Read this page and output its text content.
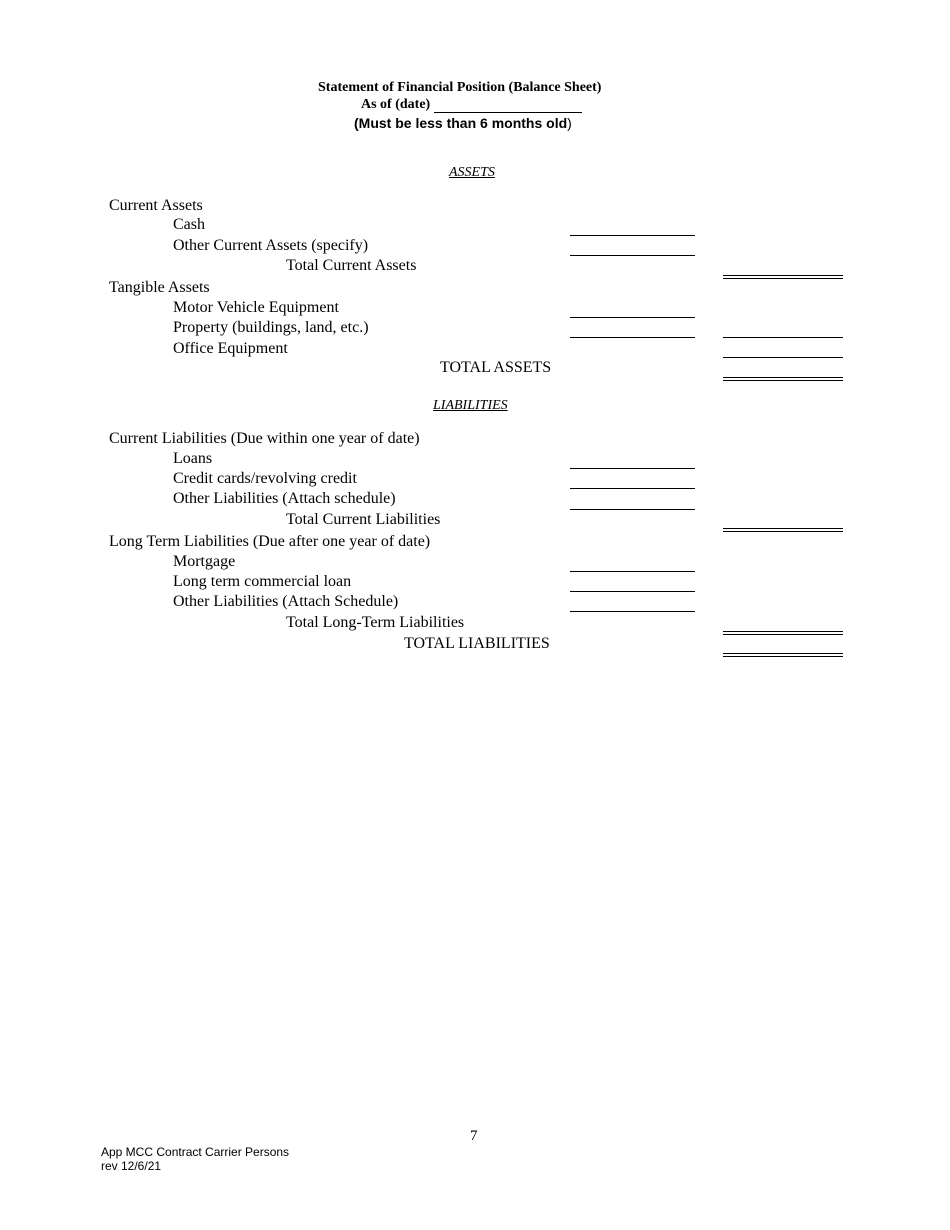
Statement of Financial Position (Balance Sheet)
As of (date)
(Must be less than 6 months old)
ASSETS
Current Assets
Cash
Other Current Assets (specify)
Total Current Assets
Tangible Assets
Motor Vehicle Equipment
Property (buildings, land, etc.)
Office Equipment
TOTAL ASSETS
LIABILITIES
Current Liabilities (Due within one year of date)
Loans
Credit cards/revolving credit
Other Liabilities (Attach schedule)
Total Current Liabilities
Long Term Liabilities (Due after one year of date)
Mortgage
Long term commercial loan
Other Liabilities (Attach Schedule)
Total Long-Term Liabilities
TOTAL LIABILITIES
7
App MCC Contract Carrier Persons
rev 12/6/21
